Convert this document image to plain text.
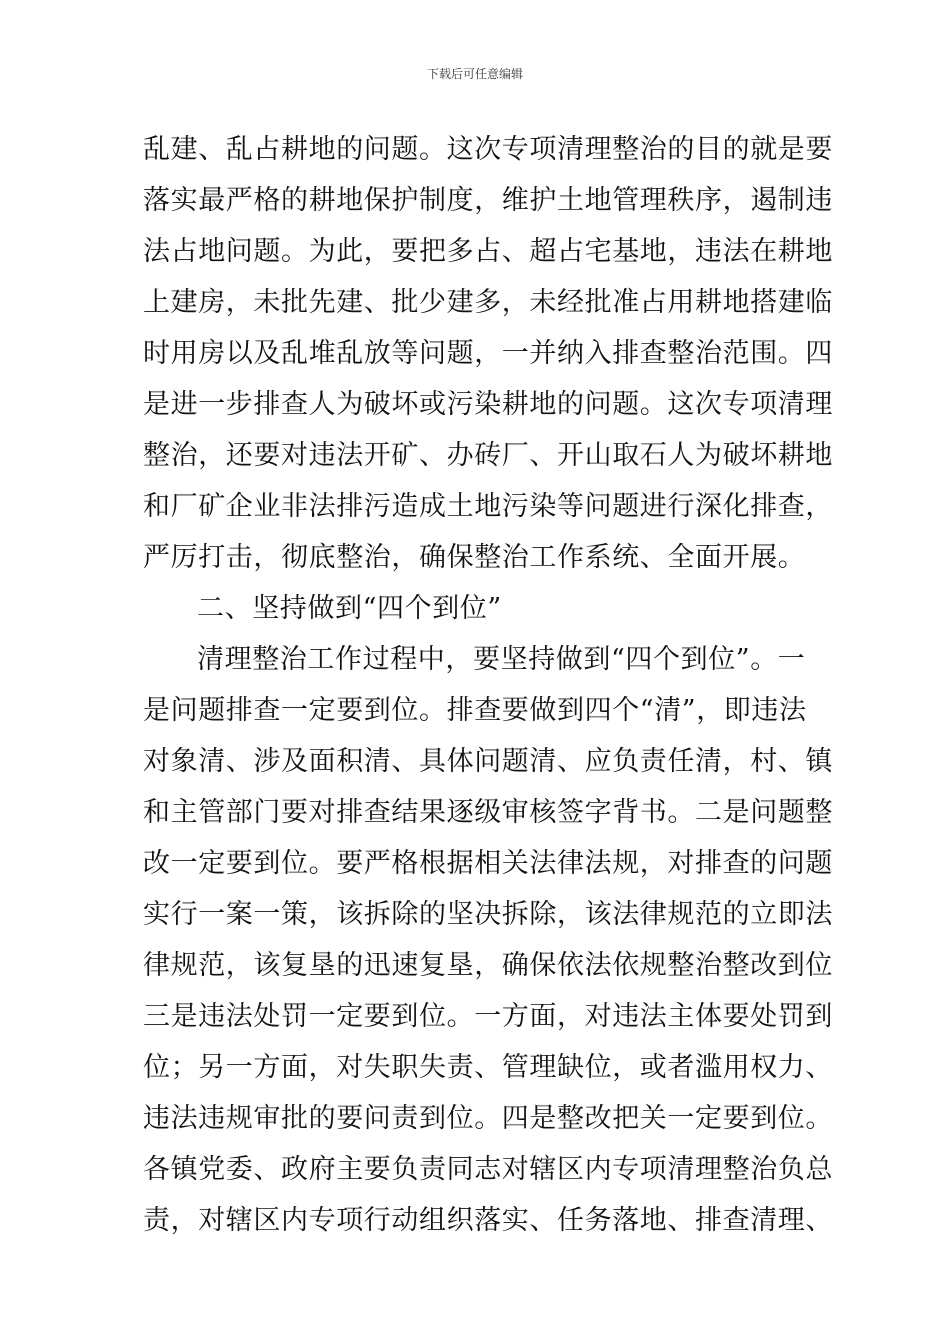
下载后可任意编辑
乱建、乱占耕地的问题。这次专项清理整治的目的就是要
落实最严格的耕地保护制度，维护土地管理秩序，遏制违
法占地问题。为此，要把多占、超占宅基地，违法在耕地
上建房，未批先建、批少建多，未经批准占用耕地搭建临
时用房以及乱堆乱放等问题，一并纳入排查整治范围。四
是进一步排查人为破坏或污染耕地的问题。这次专项清理
整治，还要对违法开矿、办砖厂、开山取石人为破坏耕地
和厂矿企业非法排污造成土地污染等问题进行深化排查，
严厉打击，彻底整治，确保整治工作系统、全面开展。
二、坚持做到“四个到位”
清理整治工作过程中，要坚持做到“四个到位”。一
是问题排查一定要到位。排查要做到四个“清”，即违法
对象清、涉及面积清、具体问题清、应负责任清，村、镇
和主管部门要对排查结果逐级审核签字背书。二是问题整
改一定要到位。要严格根据相关法律法规，对排查的问题
实行一案一策，该拆除的坚决拆除，该法律规范的立即法
律规范，该复垦的迅速复垦，确保依法依规整治整改到位
三是违法处罚一定要到位。一方面，对违法主体要处罚到
位；另一方面，对失职失责、管理缺位，或者滥用权力、
违法违规审批的要问责到位。四是整改把关一定要到位。
各镇党委、政府主要负责同志对辖区内专项清理整治负总
责，对辖区内专项行动组织落实、任务落地、排查清理、
